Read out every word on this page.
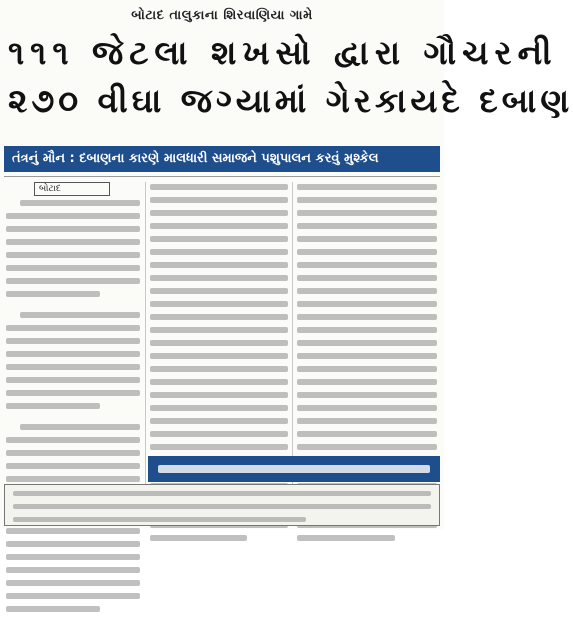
બોટાદ તાલુકાના શિરવાણિયા ગામે
૧૧૧ જેટલા શખસો દ્વારા ગૌચરની
૨૭૦ વીઘા જગ્યામાં ગેરકાયદે દબાણ
તંત્રનું મૌન : દબાણના કારણે માલધારી સમાજને પશુપાલન કરવું મુશ્કેલ
બોટાદ
